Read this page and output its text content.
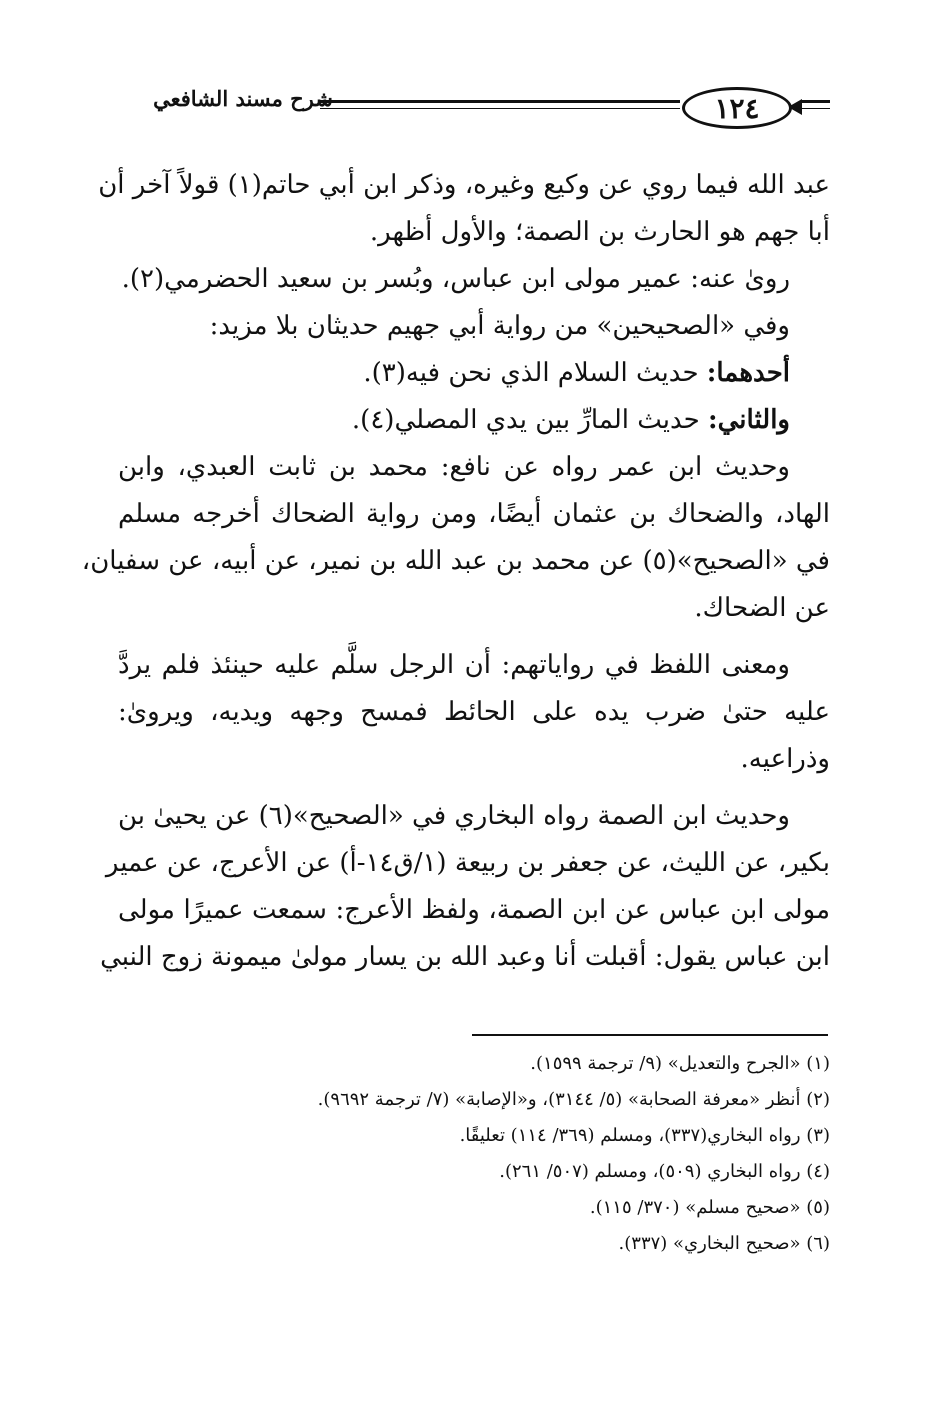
شرح مسند الشافعي	١٢٤
عبد الله فيما روي عن وكيع وغيره، وذكر ابن أبي حاتم(١) قولاً آخر أن
أبا جهم هو الحارث بن الصمة؛ والأول أظهر.
رویٰ عنه: عمير مولى ابن عباس، وبُسر بن سعيد الحضرمي(٢).
وفي «الصحيحين» من رواية أبي جهيم حديثان بلا مزيد:
أحدهما: حديث السلام الذي نحن فيه(٣).
والثاني: حديث المارِّ بين يدي المصلي(٤).
وحديث ابن عمر رواه عن نافع: محمد بن ثابت العبدي، وابن
الهاد، والضحاك بن عثمان أيضًا، ومن رواية الضحاك أخرجه مسلم
في «الصحيح»(٥) عن محمد بن عبد الله بن نمير، عن أبيه، عن سفيان،
عن الضحاك.
ومعنى اللفظ في رواياتهم: أن الرجل سلَّم عليه حينئذ فلم يردَّ
عليه حتىٰ ضرب يده على الحائط فمسح وجهه ويديه، ويروىٰ:
وذراعيه.
وحديث ابن الصمة رواه البخاري في «الصحيح»(٦) عن يحيىٰ بن
بكير، عن الليث، عن جعفر بن ربيعة (١/ق١٤-أ) عن الأعرج، عن عمير
مولى ابن عباس عن ابن الصمة، ولفظ الأعرج: سمعت عميرًا مولى
ابن عباس يقول: أقبلت أنا وعبد الله بن يسار مولىٰ ميمونة زوج النبي
(١) «الجرح والتعديل» (٩/ ترجمة ١٥٩٩).
(٢) أنظر «معرفة الصحابة» (٥/ ٣١٤٤)، و«الإصابة» (٧/ ترجمة ٩٦٩٢).
(٣) رواه البخاري(٣٣٧)، ومسلم (٣٦٩/ ١١٤) تعليقًا.
(٤) رواه البخاري (٥٠٩)، ومسلم (٥٠٧/ ٢٦١).
(٥) «صحيح مسلم» (٣٧٠/ ١١٥).
(٦) «صحيح البخاري» (٣٣٧).
